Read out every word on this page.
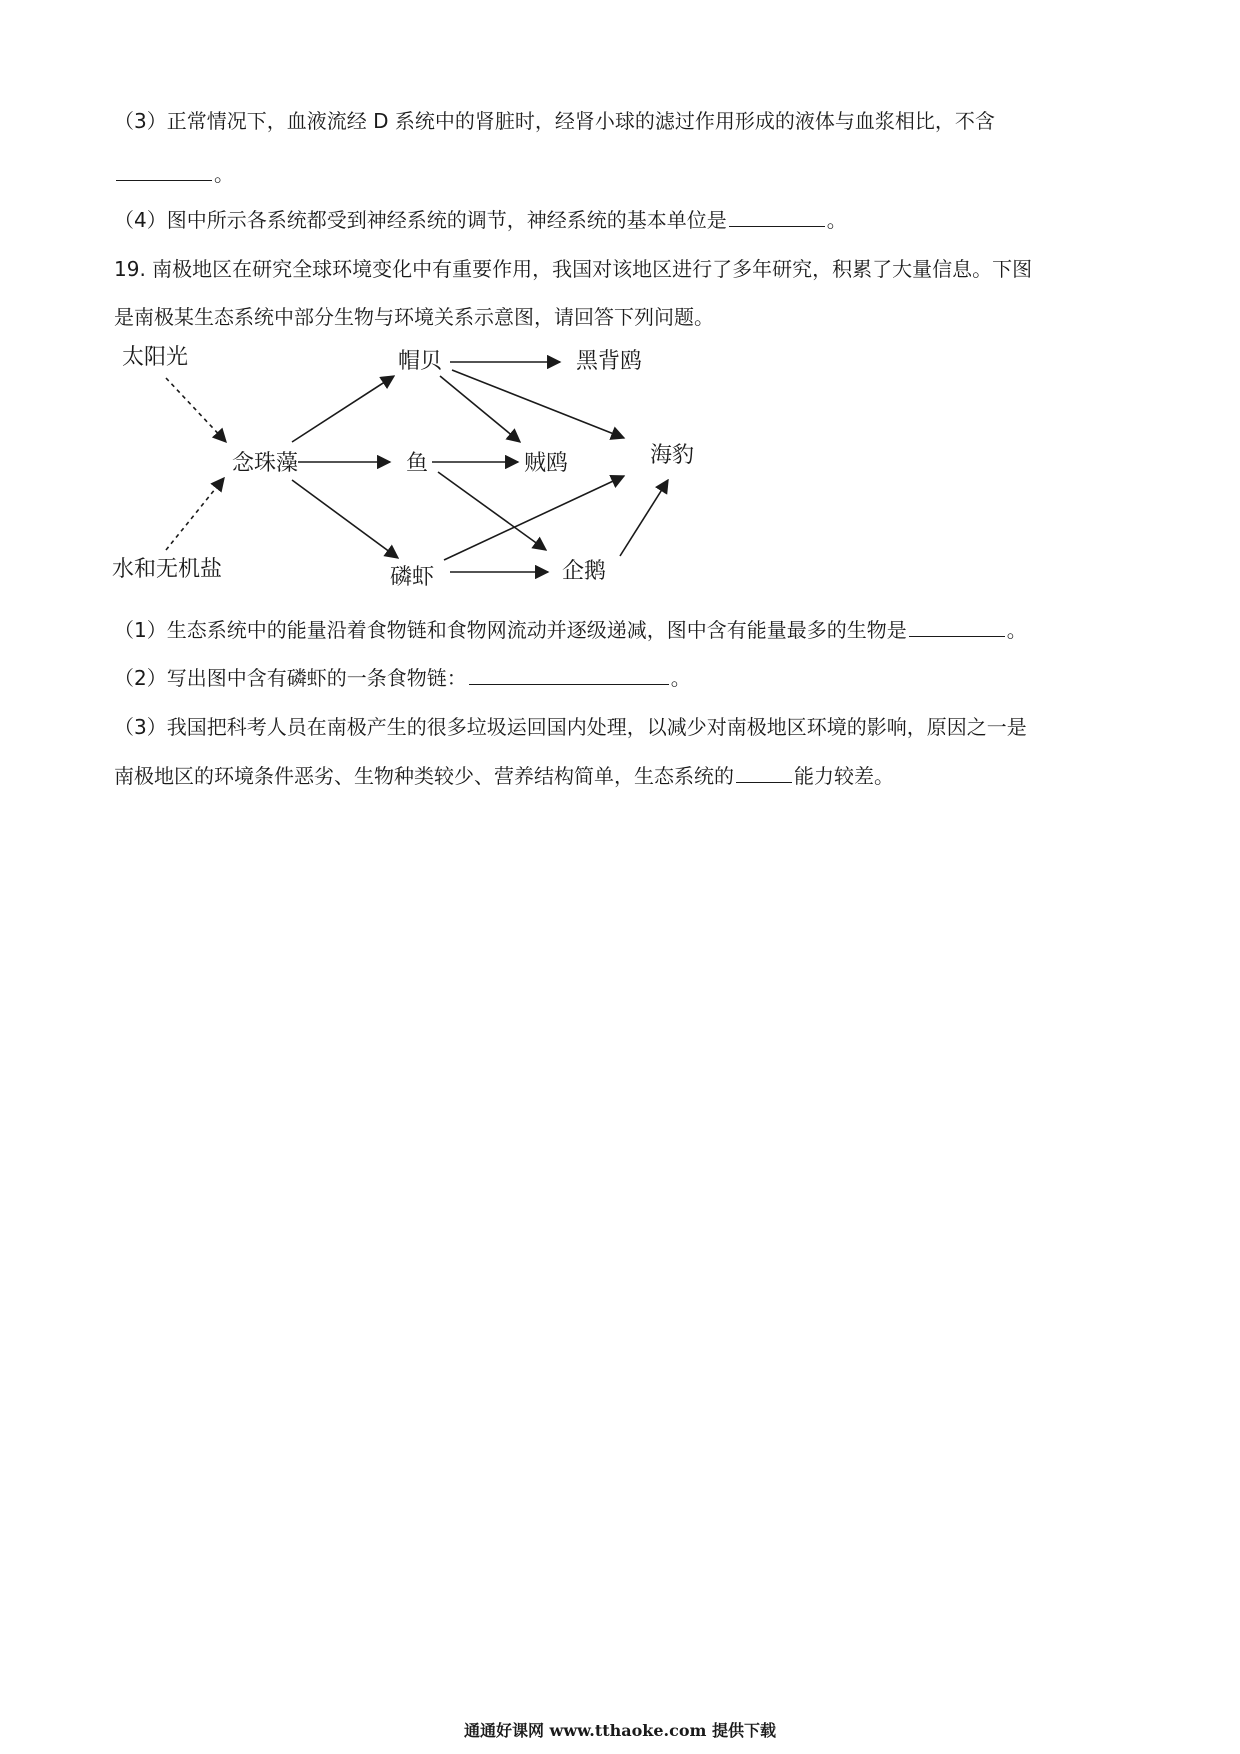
（3）正常情况下，血液流经 D 系统中的肾脏时，经肾小球的滤过作用形成的液体与血浆相比，不含
。
（4）图中所示各系统都受到神经系统的调节，神经系统的基本单位是	。
19. 南极地区在研究全球环境变化中有重要作用，我国对该地区进行了多年研究，积累了大量信息。下图
是南极某生态系统中部分生物与环境关系示意图，请回答下列问题。
太阳光
水和无机盐
念珠藻
帽贝
鱼
磷虾
黑背鸥
贼鸥	海豹
企鹅
（1）生态系统中的能量沿着食物链和食物网流动并逐级递减，图中含有能量最多的生物是	。
（2）写出图中含有磷虾的一条食物链：	。
（3）我国把科考人员在南极产生的很多垃圾运回国内处理，以减少对南极地区环境的影响，原因之一是
南极地区的环境条件恶劣、生物种类较少、营养结构简单，生态系统的	能力较差。
通通好课网 www.tthaoke.com 提供下载
